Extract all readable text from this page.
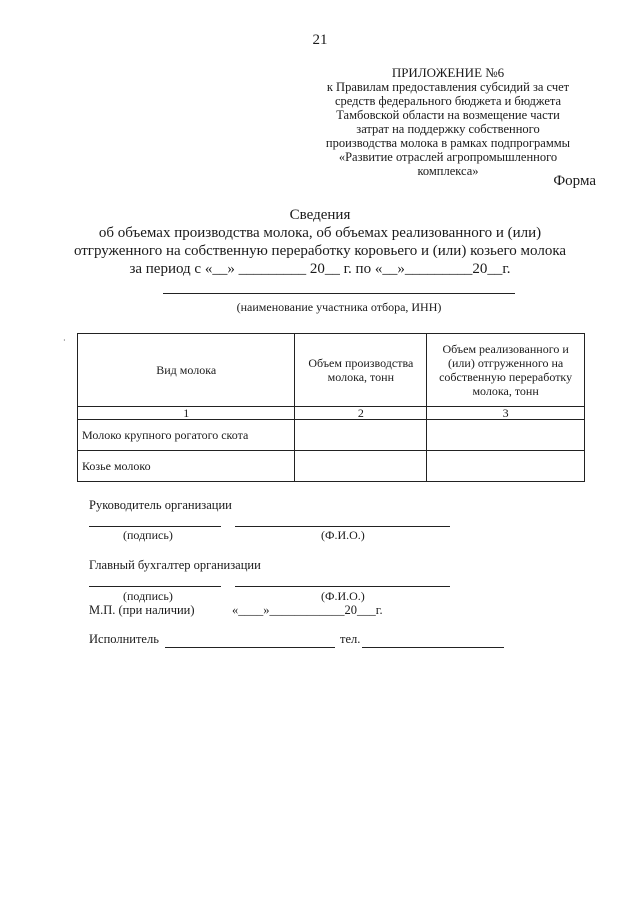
21
ПРИЛОЖЕНИЕ №6
к Правилам предоставления субсидий за счет
средств федерального бюджета и бюджета
Тамбовской области на возмещение части
затрат на поддержку собственного
производства молока в рамках подпрограммы
«Развитие отраслей агропромышленного
комплекса»
Форма
Сведения
об объемах производства молока, об объемах реализованного и (или)
отгруженного на собственную переработку коровьего и (или) козьего молока
за период с «__» _________ 20__ г. по «__»_________20__г.
(наименование участника отбора, ИНН)
·
Вид молока	Объем производства молока, тонн	Объем реализованного и (или) отгруженного на собственную переработку молока, тонн
1	2	3
Молоко крупного рогатого скота		
Козье молоко		
Руководитель организации
(подпись)	(Ф.И.О.)
Главный бухгалтер организации
(подпись)	(Ф.И.О.)
М.П. (при наличии)	«____»____________20___г.
Исполнитель	тел.
